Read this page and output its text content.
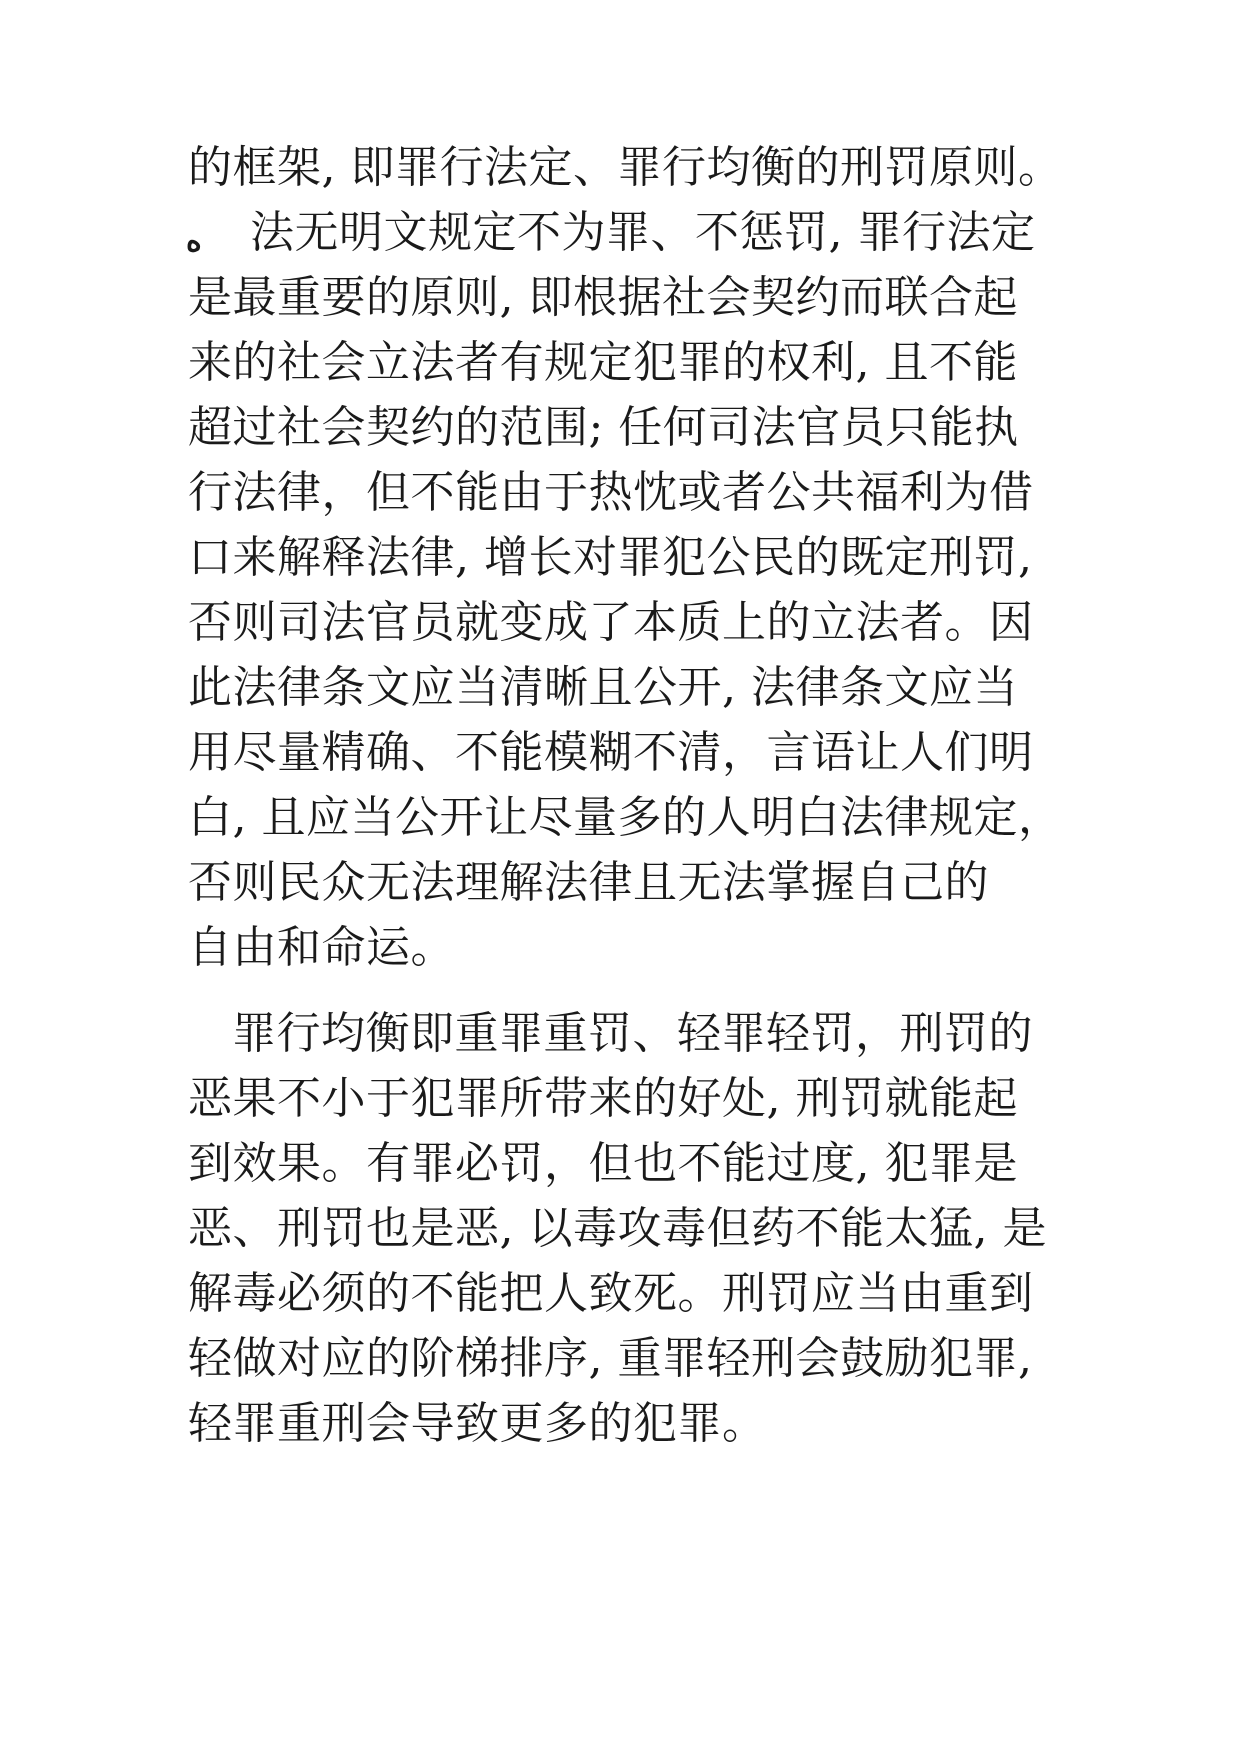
ه
的框架, 即罪行法定、罪行均衡的刑罚原则。
法无明文规定不为罪、不惩罚, 罪行法定
是最重要的原则, 即根据社会契约而联合起
来的社会立法者有规定犯罪的权利, 且不能
超过社会契约的范围; 任何司法官员只能执
行法律，但不能由于热忱或者公共福利为借
口来解释法律, 增长对罪犯公民的既定刑罚,
否则司法官员就变成了本质上的立法者。因
此法律条文应当清晰且公开, 法律条文应当
用尽量精确、不能模糊不清，言语让人们明
白, 且应当公开让尽量多的人明白法律规定，
否则民众无法理解法律且无法掌握自己的
自由和命运。
罪行均衡即重罪重罚、轻罪轻罚，刑罚的
恶果不小于犯罪所带来的好处, 刑罚就能起
到效果。有罪必罚，但也不能过度, 犯罪是
恶、刑罚也是恶, 以毒攻毒但药不能太猛, 是
解毒必须的不能把人致死。刑罚应当由重到
轻做对应的阶梯排序, 重罪轻刑会鼓励犯罪,
轻罪重刑会导致更多的犯罪。
